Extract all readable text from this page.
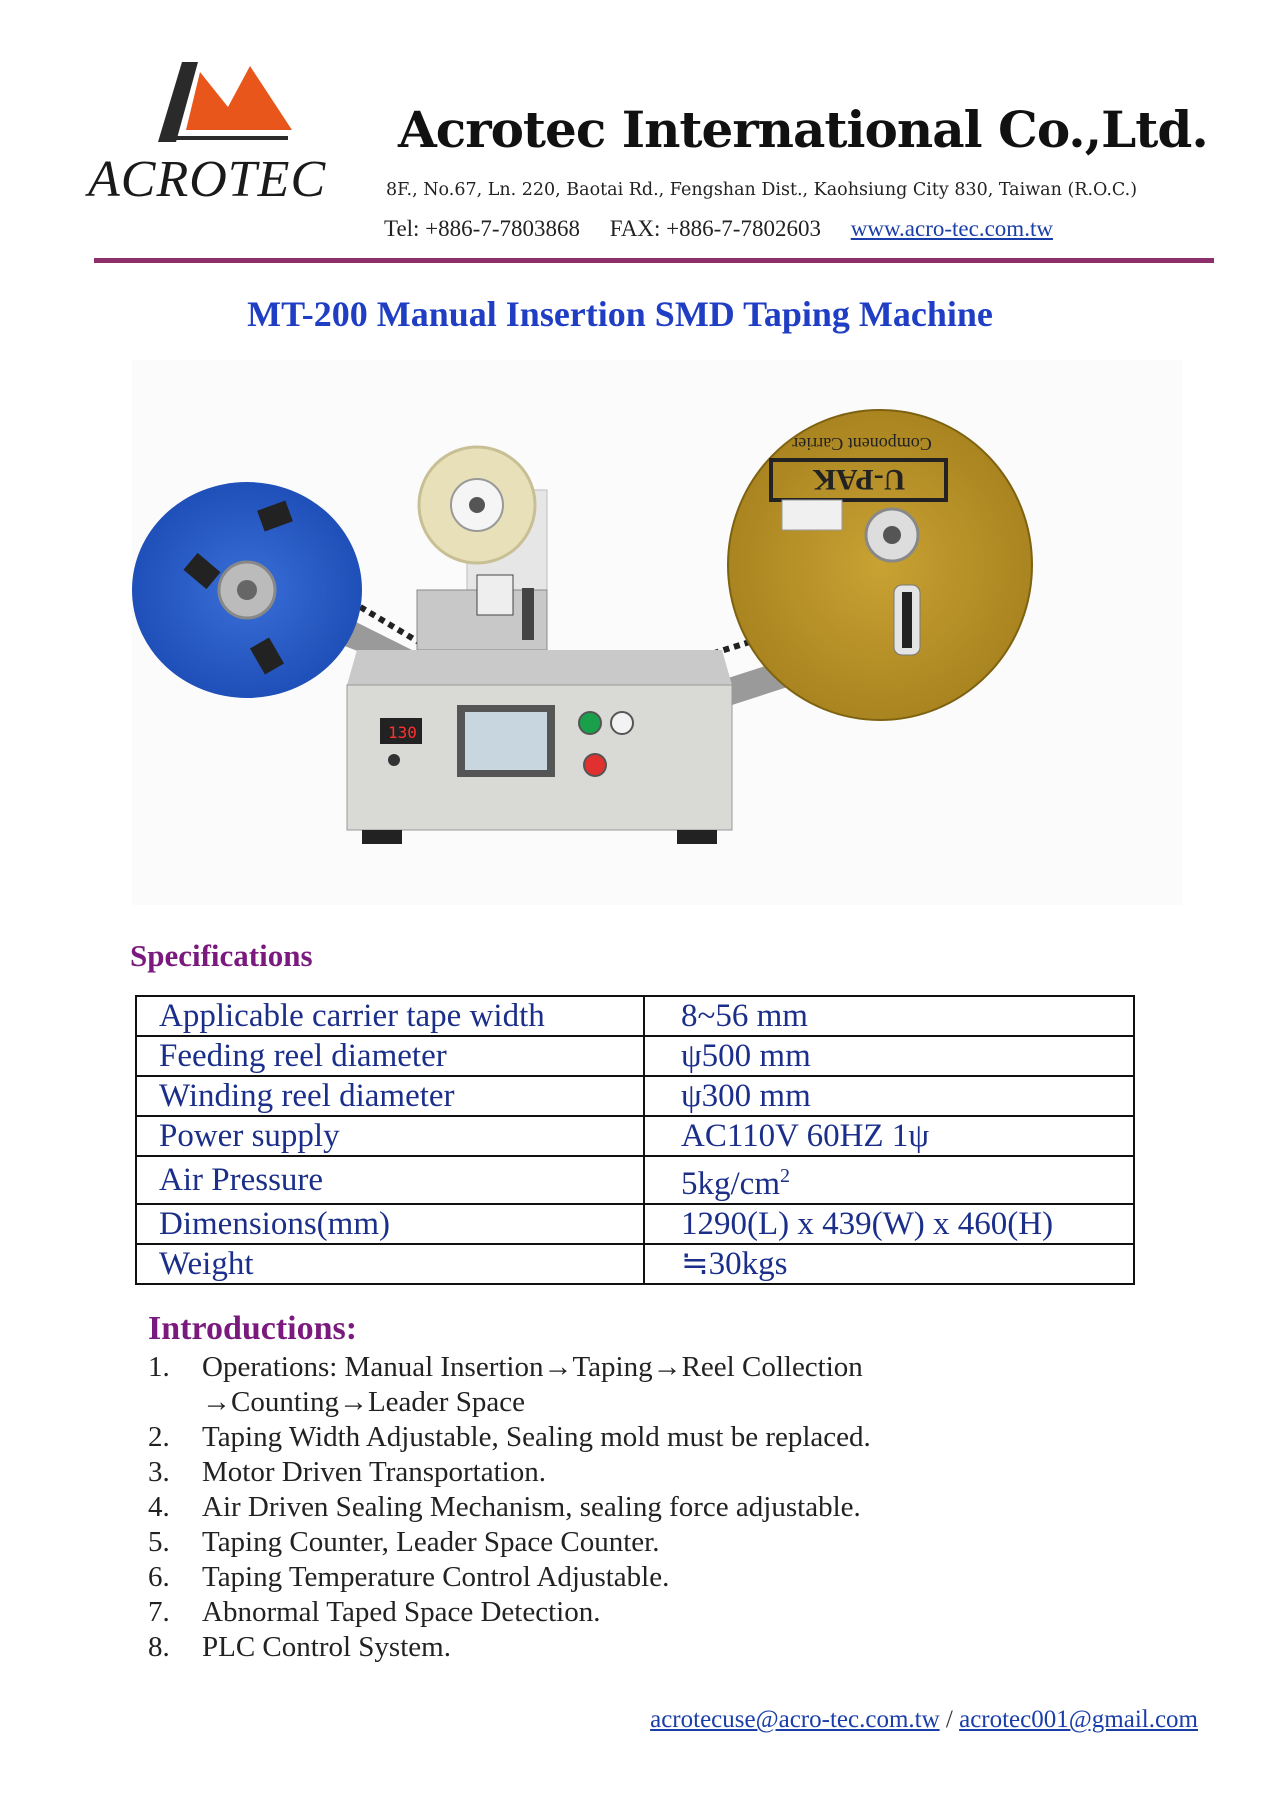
ACROTEC
Acrotec International Co.,Ltd.
8F., No.67, Ln. 220, Baotai Rd., Fengshan Dist., Kaohsiung City 830, Taiwan (R.O.C.)
Tel: +886-7-7803868 FAX: +886-7-7802603 www.acro-tec.com.tw
MT-200 Manual Insertion SMD Taping Machine
130
U-PAK
Component Carrier
Specifications
Applicable carrier tape width	8~56 mm
Feeding reel diameter	ψ500 mm
Winding reel diameter	ψ300 mm
Power supply	AC110V 60HZ 1ψ
Air Pressure	$5kg/cm^2$
Dimensions(mm)	1290(L) x 439(W) x 460(H)
Weight	≒30kgs
Introductions:
1. Operations: Manual Insertion→Taping→Reel Collection
→Counting→Leader Space
2. Taping Width Adjustable, Sealing mold must be replaced.
3. Motor Driven Transportation.
4. Air Driven Sealing Mechanism, sealing force adjustable.
5. Taping Counter, Leader Space Counter.
6. Taping Temperature Control Adjustable.
7. Abnormal Taped Space Detection.
8. PLC Control System.
acrotecuse@acro-tec.com.tw / acrotec001@gmail.com
